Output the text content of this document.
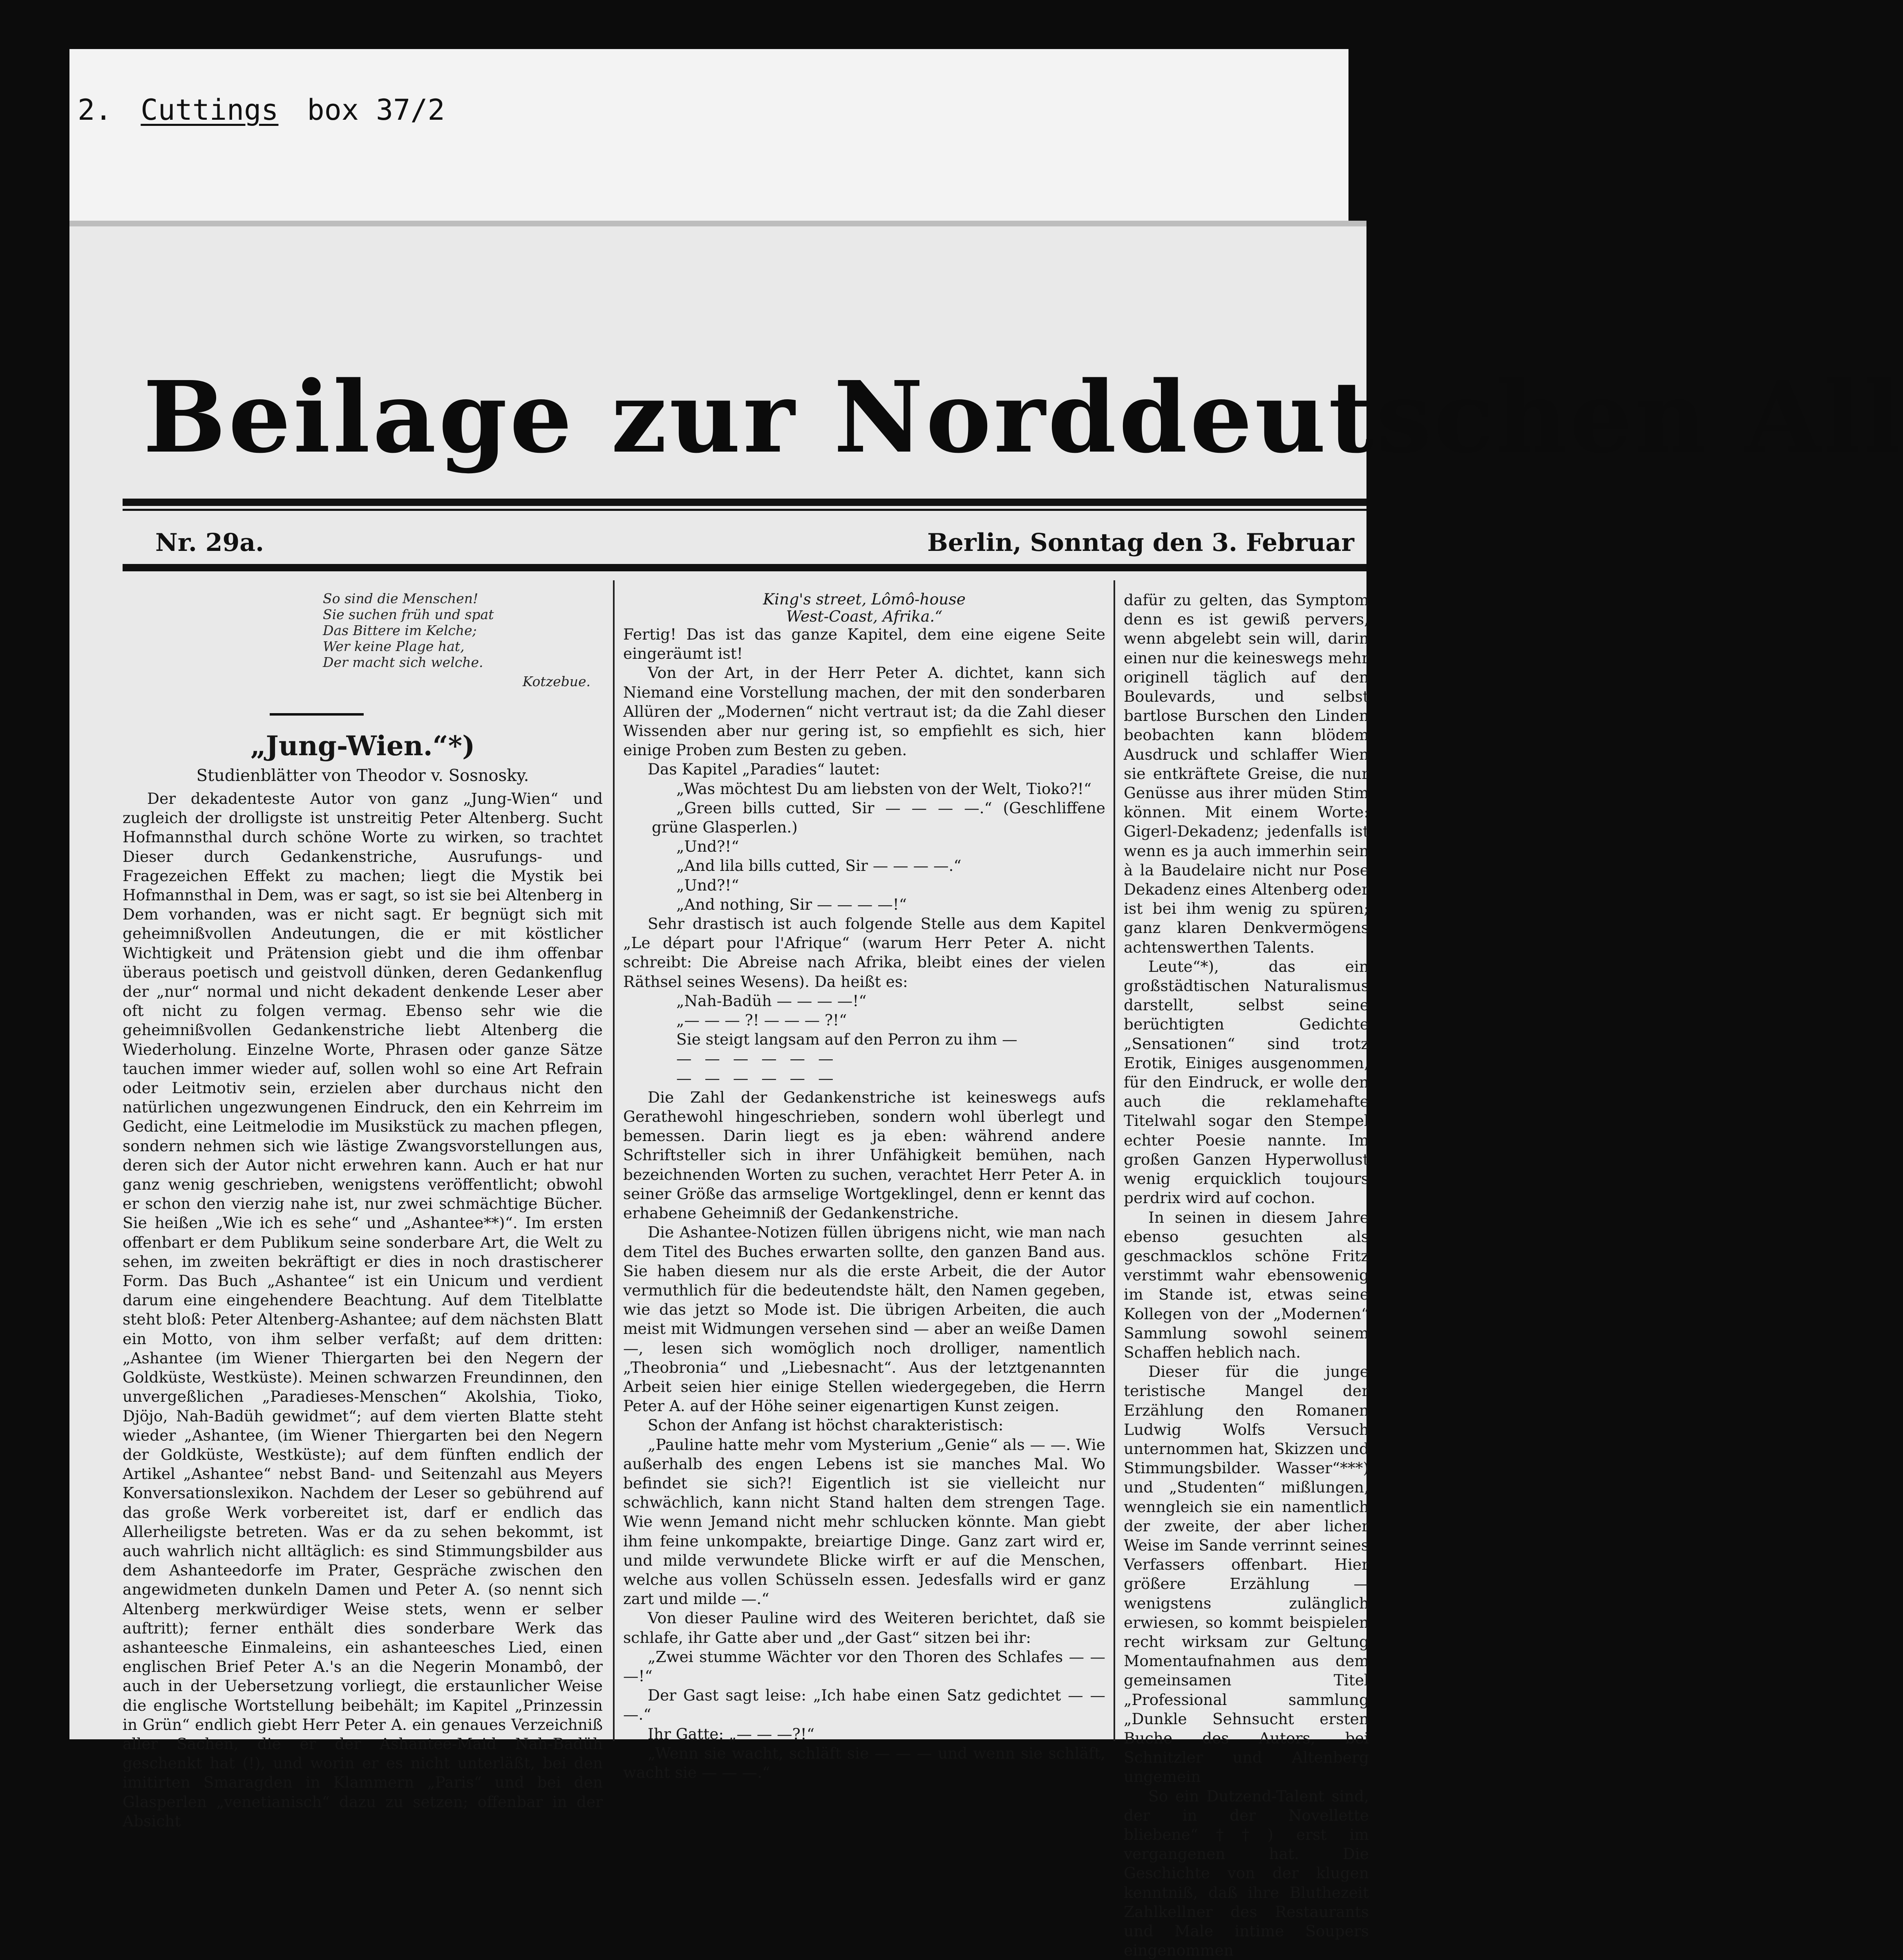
2. Cuttings box 37/2
Beilage zur Norddeutschen All
Nr. 29a.	Berlin, Sonntag den 3. Februar
So sind die Menschen!
Sie suchen früh und spat
Das Bittere im Kelche;
Wer keine Plage hat,
Der macht sich welche.
Kotzebue.
„Jung-Wien.“*)
Studienblätter von Theodor v. Sosnosky.

Der dekadenteste Autor von ganz „Jung-Wien“ und zugleich der drolligste ist unstreitig Peter Altenberg. Sucht Hofmannsthal durch schöne Worte zu wirken, so trachtet Dieser durch Gedankenstriche, Ausrufungs- und Fragezeichen Effekt zu machen; liegt die Mystik bei Hofmannsthal in Dem, was er sagt, so ist sie bei Altenberg in Dem vorhanden, was er nicht sagt. Er begnügt sich mit geheimnißvollen Andeutungen, die er mit köstlicher Wichtigkeit und Prätension giebt und die ihm offenbar überaus poetisch und geistvoll dünken, deren Gedankenflug der „nur“ normal und nicht dekadent denkende Leser aber oft nicht zu folgen vermag. Ebenso sehr wie die geheimnißvollen Gedankenstriche liebt Altenberg die Wiederholung. Einzelne Worte, Phrasen oder ganze Sätze tauchen immer wieder auf, sollen wohl so eine Art Refrain oder Leitmotiv sein, erzielen aber durchaus nicht den natürlichen ungezwungenen Eindruck, den ein Kehrreim im Gedicht, eine Leitmelodie im Musikstück zu machen pflegen, sondern nehmen sich wie lästige Zwangsvorstellungen aus, deren sich der Autor nicht erwehren kann. Auch er hat nur ganz wenig geschrieben, wenigstens veröffentlicht; obwohl er schon den vierzig nahe ist, nur zwei schmächtige Bücher. Sie heißen „Wie ich es sehe“ und „Ashantee**)“. Im ersten offenbart er dem Publikum seine sonderbare Art, die Welt zu sehen, im zweiten bekräftigt er dies in noch drastischerer Form. Das Buch „Ashantee“ ist ein Unicum und verdient darum eine eingehendere Beachtung. Auf dem Titelblatte steht bloß: Peter Altenberg-Ashantee; auf dem nächsten Blatt ein Motto, von ihm selber verfaßt; auf dem dritten: „Ashantee (im Wiener Thiergarten bei den Negern der Goldküste, Westküste). Meinen schwarzen Freundinnen, den unvergeßlichen „Paradieses-Menschen“ Akolshia, Tioko, Djöjo, Nah-Badüh gewidmet“; auf dem vierten Blatte steht wieder „Ashantee, (im Wiener Thiergarten bei den Negern der Goldküste, Westküste); auf dem fünften endlich der Artikel „Ashantee“ nebst Band- und Seitenzahl aus Meyers Konversationslexikon. Nachdem der Leser so gebührend auf das große Werk vorbereitet ist, darf er endlich das Allerheiligste betreten. Was er da zu sehen bekommt, ist auch wahrlich nicht alltäglich: es sind Stimmungsbilder aus dem Ashanteedorfe im Prater, Gespräche zwischen den angewidmeten dunkeln Damen und Peter A. (so nennt sich Altenberg merkwürdiger Weise stets, wenn er selber auftritt); ferner enthält dies sonderbare Werk das ashanteesche Einmaleins, ein ashanteesches Lied, einen englischen Brief Peter A.'s an die Negerin Monambô, der auch in der Uebersetzung vorliegt, die erstaunlicher Weise die englische Wortstellung beibehält; im Kapitel „Prinzessin in Grün“ endlich giebt Herr Peter A. ein genaues Verzeichniß aller Sachen, die er der Ashantee-Maid Nah-Badüh geschenkt hat (!), und worin er es nicht unterläßt, bei den imitirten Smaragden in Klammern „Paris“ und bei den Glasperlen „venetianisch“ dazu zu setzen; offenbar in der Absicht

King's street, Lômô-house
West-Coast, Afrika.“

Fertig! Das ist das ganze Kapitel, dem eine eigene Seite eingeräumt ist!

Von der Art, in der Herr Peter A. dichtet, kann sich Niemand eine Vorstellung machen, der mit den sonderbaren Allüren der „Modernen“ nicht vertraut ist; da die Zahl dieser Wissenden aber nur gering ist, so empfiehlt es sich, hier einige Proben zum Besten zu geben.

Das Kapitel „Paradies“ lautet:

„Was möchtest Du am liebsten von der Welt, Tioko?!“

„Green bills cutted, Sir — — — —.“ (Geschliffene grüne Glasperlen.)

„Und?!“

„And lila bills cutted, Sir — — — —.“

„Und?!“

„And nothing, Sir — — — —!“

Sehr drastisch ist auch folgende Stelle aus dem Kapitel „Le départ pour l'Afrique“ (warum Herr Peter A. nicht schreibt: Die Abreise nach Afrika, bleibt eines der vielen Räthsel seines Wesens). Da heißt es:

„Nah-Badüh — — — —!“

„— — — ?! — — — ?!“

Sie steigt langsam auf den Perron zu ihm —

— — — — — —

— — — — — —

Die Zahl der Gedankenstriche ist keineswegs aufs Gerathewohl hingeschrieben, sondern wohl überlegt und bemessen. Darin liegt es ja eben: während andere Schriftsteller sich in ihrer Unfähigkeit bemühen, nach bezeichnenden Worten zu suchen, verachtet Herr Peter A. in seiner Größe das armselige Wortgeklingel, denn er kennt das erhabene Geheimniß der Gedankenstriche.

Die Ashantee-Notizen füllen übrigens nicht, wie man nach dem Titel des Buches erwarten sollte, den ganzen Band aus. Sie haben diesem nur als die erste Arbeit, die der Autor vermuthlich für die bedeutendste hält, den Namen gegeben, wie das jetzt so Mode ist. Die übrigen Arbeiten, die auch meist mit Widmungen versehen sind — aber an weiße Damen —, lesen sich womöglich noch drolliger, namentlich „Theobronia“ und „Liebesnacht“. Aus der letztgenannten Arbeit seien hier einige Stellen wiedergegeben, die Herrn Peter A. auf der Höhe seiner eigenartigen Kunst zeigen.

Schon der Anfang ist höchst charakteristisch:

„Pauline hatte mehr vom Mysterium „Genie“ als — —. Wie außerhalb des engen Lebens ist sie manches Mal. Wo befindet sie sich?! Eigentlich ist sie vielleicht nur schwächlich, kann nicht Stand halten dem strengen Tage. Wie wenn Jemand nicht mehr schlucken könnte. Man giebt ihm feine unkompakte, breiartige Dinge. Ganz zart wird er, und milde verwundete Blicke wirft er auf die Menschen, welche aus vollen Schüsseln essen. Jedesfalls wird er ganz zart und milde —.“

Von dieser Pauline wird des Weiteren berichtet, daß sie schlafe, ihr Gatte aber und „der Gast“ sitzen bei ihr:

„Zwei stumme Wächter vor den Thoren des Schlafes — — —!“

Der Gast sagt leise: „Ich habe einen Satz gedichtet — — —.“

Ihr Gatte: „— — —?!“

„Wenn sie wacht, schläft sie — — — und wenn sie schläft, wacht sie — — —.“

dafür zu gelten, das Symptom denn es ist gewiß pervers, wenn abgelebt sein will, darin einen nur die keineswegs mehr originell täglich auf den Boulevards, und selbst bartlose Burschen den Linden beobachten kann blödem Ausdruck und schlaffer Wien sie entkräftete Greise, die nur Genüsse aus ihrer müden Stim können. Mit einem Worte: Gigerl-Dekadenz; jedenfalls ist wenn es ja auch immerhin sein à la Baudelaire nicht nur Pose Dekadenz eines Altenberg oder ist bei ihm wenig zu spüren; ganz klaren Denkvermögens achtenswerthen Talents.

Leute“*), das ein großstädtischen Naturalismus darstellt, selbst seine berüchtigten Gedichte „Sensationen“ sind trotz Erotik, Einiges ausgenommen, für den Eindruck, er wolle den auch die reklamehafte Titelwahl sogar den Stempel echter Poesie nannte. Im großen Ganzen Hyperwollust wenig erquicklich toujours perdrix wird auf cochon.

In seinen in diesem Jahre ebenso gesuchten als geschmacklos schöne Fritz verstimmt wahr ebensowenig im Stande ist, etwas seine Kollegen von der „Modernen“ Sammlung sowohl seinem Schaffen heblich nach.

Dieser für die junge teristische Mangel der Erzählung den Romanen Ludwig Wolfs Versuch unternommen hat, Skizzen und Stimmungsbilder. Wasser“***) und „Studenten“ mißlungen, wenngleich sie ein namentlich der zweite, der aber licher Weise im Sande verrinnt seines Verfassers offenbart. Hier größere Erzählung — wenigstens zulänglich erwiesen, so kommt beispielen recht wirksam zur Geltung Momentaufnahmen aus dem gemeinsamen Titel „Professional sammlung „Dunkle Sehnsucht ersten Buche des Autors, bei Schnitzler und Altenberg ungemein

So ein Dutzend-Talent sind, der in der Novellette bliebene“††) erst im vergangenen hat. Die Geschichte von der klugen kenntniß, daß ihre Bluthezeit Zahlkellner des Restaurants und Male intime Soupers eingenommen
